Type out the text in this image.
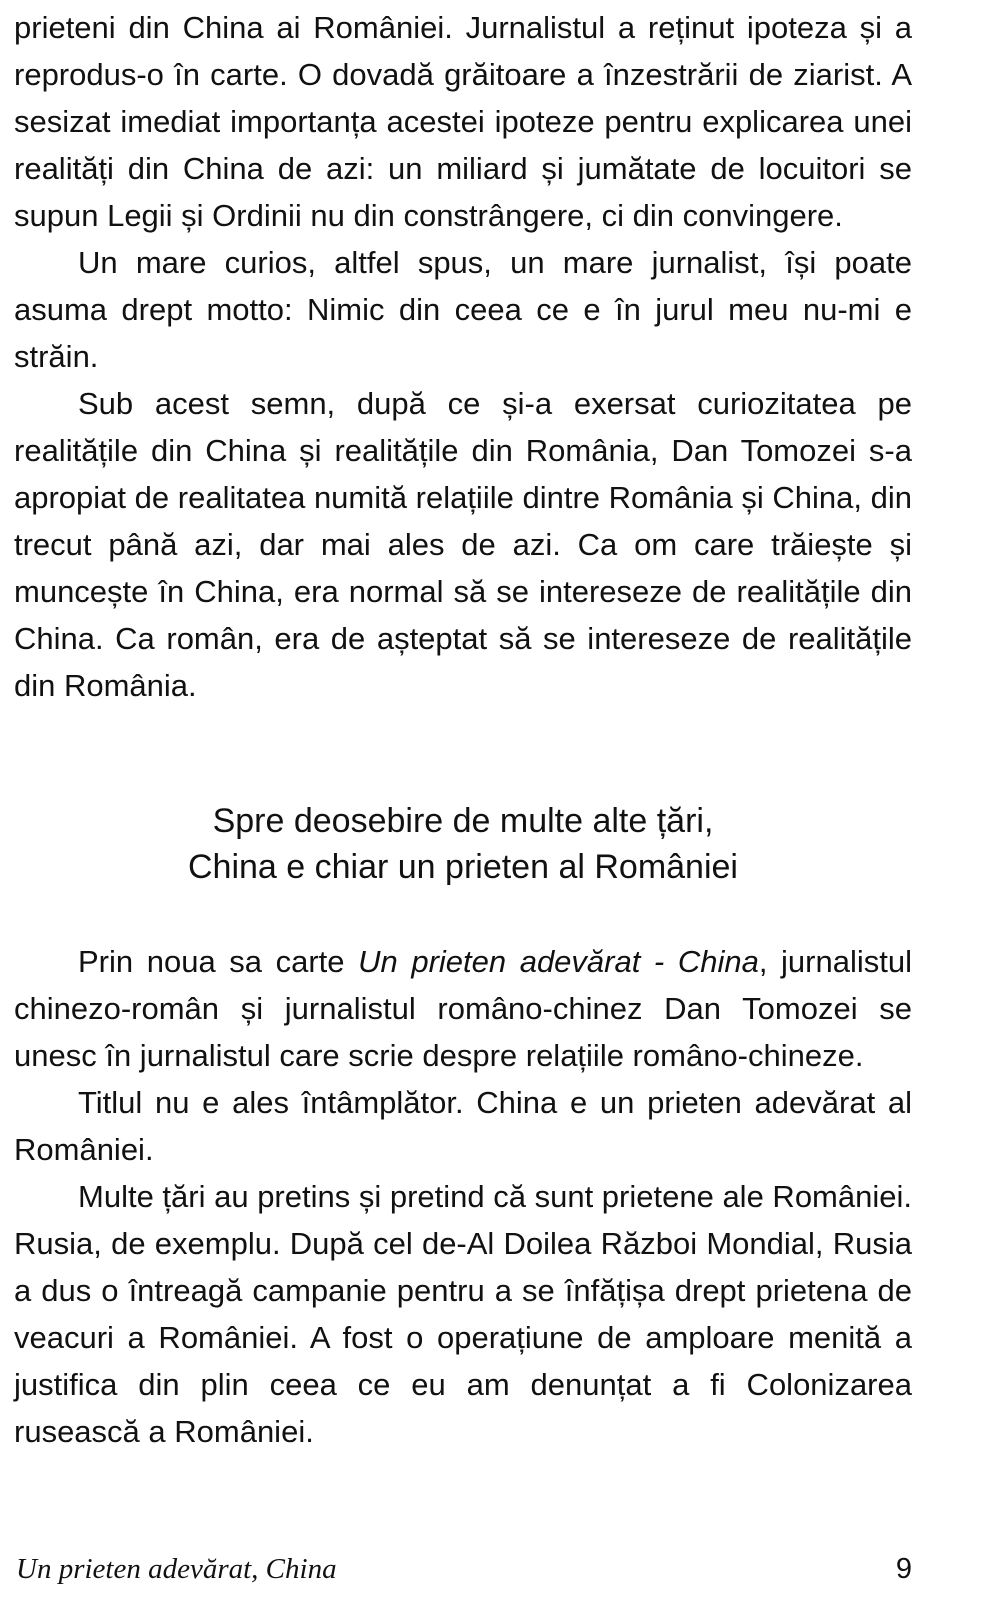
prieteni din China ai României. Jurnalistul a reținut ipoteza și a reprodus-o în carte. O dovadă grăitoare a înzestrării de ziarist. A sesizat imediat importanța acestei ipoteze pentru explicarea unei realități din China de azi: un miliard și jumătate de locuitori se supun Legii și Ordinii nu din constrângere, ci din convingere.

Un mare curios, altfel spus, un mare jurnalist, își poate asuma drept motto: Nimic din ceea ce e în jurul meu nu-mi e străin.

Sub acest semn, după ce și-a exersat curiozitatea pe realitățile din China și realitățile din România, Dan Tomozei s-a apropiat de realitatea numită relațiile dintre România și China, din trecut până azi, dar mai ales de azi. Ca om care trăiește și muncește în China, era normal să se intereseze de realitățile din China. Ca român, era de așteptat să se intereseze de realitățile din România.

Spre deosebire de multe alte țări,
China e chiar un prieten al României

Prin noua sa carte Un prieten adevărat - China, jurnalistul chinezo-român și jurnalistul româno-chinez Dan Tomozei se unesc în jurnalistul care scrie despre relațiile româno-chineze.

Titlul nu e ales întâmplător. China e un prieten adevărat al României.

Multe țări au pretins și pretind că sunt prietene ale României. Rusia, de exemplu. După cel de-Al Doilea Război Mondial, Rusia a dus o întreagă campanie pentru a se înfățișa drept prietena de veacuri a României. A fost o operațiune de amploare menită a justifica din plin ceea ce eu am denunțat a fi Colonizarea rusească a României.

Un prieten adevărat, China	9
